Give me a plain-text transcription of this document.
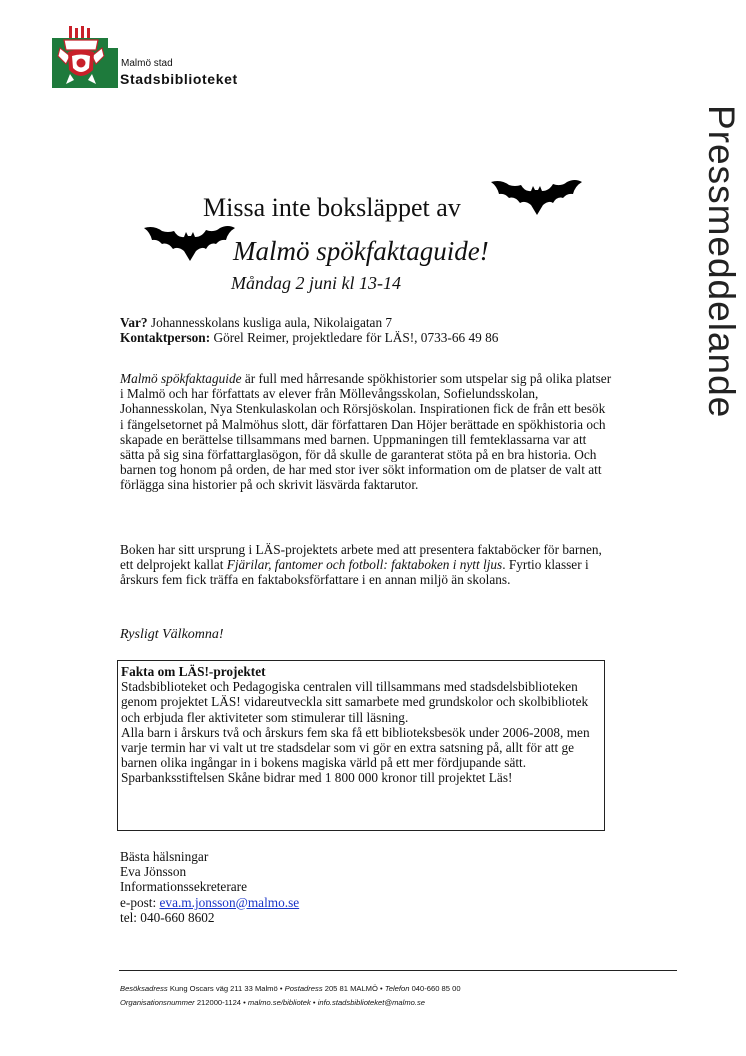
Malmö stad
Stadsbiblioteket
Pressmeddelande
Missa inte boksläppet av
Malmö spökfaktaguide!
Måndag 2 juni kl 13-14

Var? Johannesskolans kusliga aula, Nikolaigatan 7

Kontaktperson: Görel Reimer, projektledare för LÄS!, 0733-66 49 86

Malmö spökfaktaguide är full med hårresande spökhistorier som utspelar sig på olika platser i Malmö och har författats av elever från Möllevångsskolan, Sofielundsskolan, Johannesskolan, Nya Stenkulaskolan och Rörsjöskolan. Inspirationen fick de från ett besök i fängelsetornet på Malmöhus slott, där författaren Dan Höjer berättade en spökhistoria och skapade en berättelse tillsammans med barnen. Uppmaningen till femteklassarna var att sätta på sig sina författarglasögon, för då skulle de garanterat stöta på en bra historia. Och barnen tog honom på orden, de har med stor iver sökt information om de platser de valt att förlägga sina historier på och skrivit läsvärda faktarutor.
Boken har sitt ursprung i LÄS-projektets arbete med att presentera faktaböcker för barnen, ett delprojekt kallat Fjärilar, fantomer och fotboll: faktaboken i nytt ljus. Fyrtio klasser i årskurs fem fick träffa en faktaboksförfattare i en annan miljö än skolans.
Rysligt Välkomna!
Fakta om LÄS!-projektet
Stadsbiblioteket och Pedagogiska centralen vill tillsammans med stadsdelsbiblioteken genom projektet LÄS! vidareutveckla sitt samarbete med grundskolor och skolbibliotek och erbjuda fler aktiviteter som stimulerar till läsning.
Alla barn i årskurs två och årskurs fem ska få ett biblioteksbesök under 2006-2008, men varje termin har vi valt ut tre stadsdelar som vi gör en extra satsning på, allt för att ge barnen olika ingångar in i bokens magiska värld på ett mer fördjupande sätt.
Sparbanksstiftelsen Skåne bidrar med 1 800 000 kronor till projektet Läs!

Bästa hälsningar

Eva Jönsson

Informationssekreterare

e-post: eva.m.jonsson@malmo.se

tel: 040-660 8602

Besöksadress Kung Oscars väg 211 33 Malmö • Postadress 205 81 MALMÖ • Telefon 040-660 85 00
Organisationsnummer 212000-1124 • malmo.se/bibliotek • info.stadsbiblioteket@malmo.se
